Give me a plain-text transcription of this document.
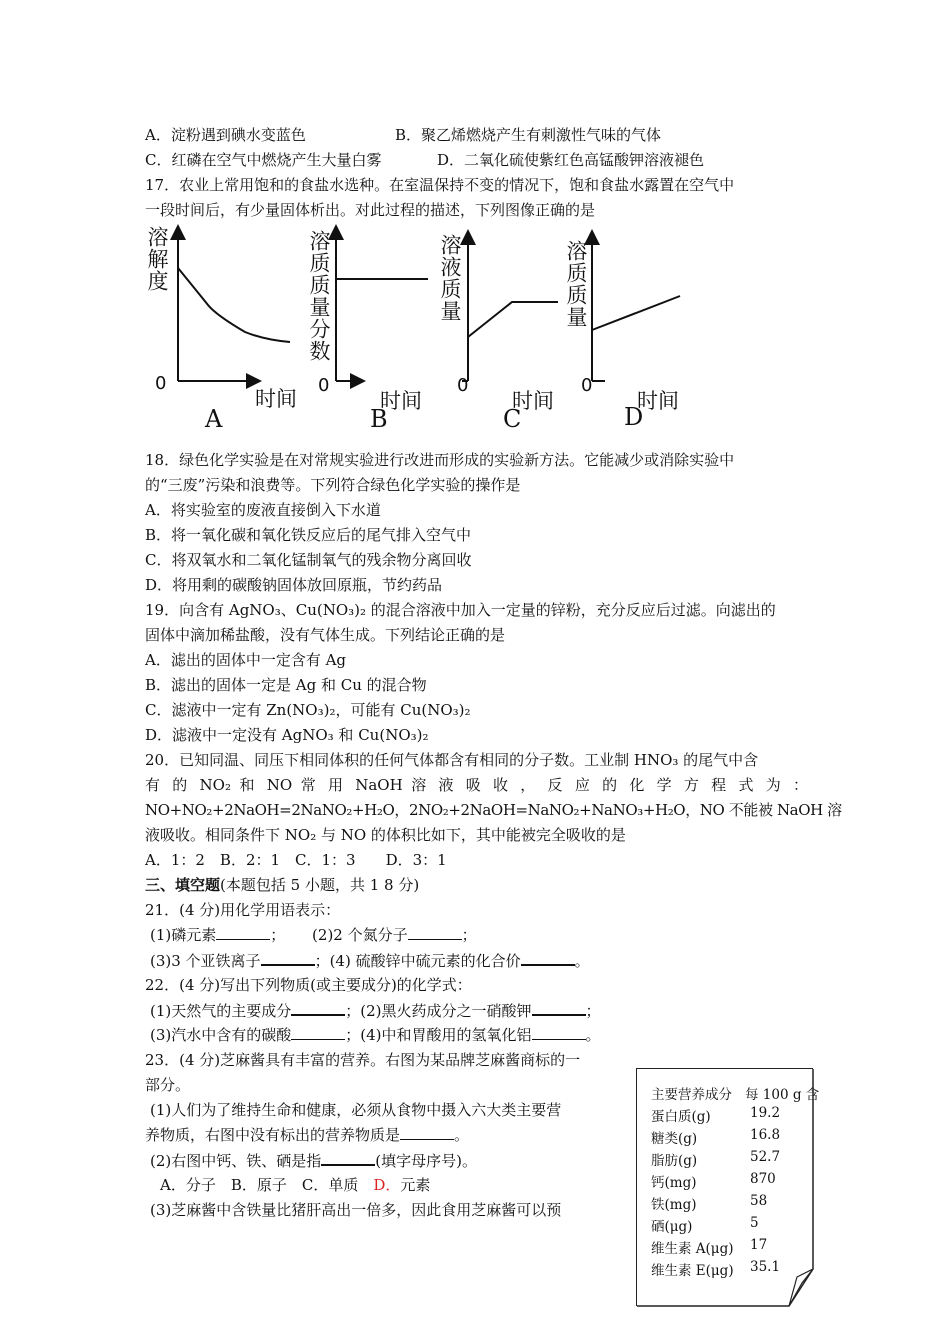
A．淀粉遇到碘水变蓝色	B．聚乙烯燃烧产生有刺激性气味的气体
C．红磷在空气中燃烧产生大量白雾	D．二氧化硫使紫红色高锰酸钾溶液褪色
17．农业上常用饱和的食盐水选种。在室温保持不变的情况下，饱和食盐水露置在空气中
一段时间后，有少量固体析出。对此过程的描述，下列图像正确的是
溶解度
0
时间
A
溶质质量分数
0
时间
B
溶液质量
0
时间
C
溶质质量
0
时间
D
18．绿色化学实验是在对常规实验进行改进而形成的实验新方法。它能减少或消除实验中
的“三废”污染和浪费等。下列符合绿色化学实验的操作是
A．将实验室的废液直接倒入下水道
B．将一氧化碳和氧化铁反应后的尾气排入空气中
C．将双氧水和二氧化锰制氧气的残余物分离回收
D．将用剩的碳酸钠固体放回原瓶，节约药品
19．向含有 AgNO₃、Cu(NO₃)₂ 的混合溶液中加入一定量的锌粉，充分反应后过滤。向滤出的
固体中滴加稀盐酸，没有气体生成。下列结论正确的是
A．滤出的固体中一定含有 Ag
B．滤出的固体一定是 Ag 和 Cu 的混合物
C．滤液中一定有 Zn(NO₃)₂，可能有 Cu(NO₃)₂
D．滤液中一定没有 AgNO₃ 和 Cu(NO₃)₂
20．已知同温、同压下相同体积的任何气体都含有相同的分子数。工业制 HNO₃ 的尾气中含
有 的 NO₂ 和 NO 常 用 NaOH 溶 液 吸 收 ， 反 应 的 化 学 方 程 式 为 ：
NO+NO₂+2NaOH=2NaNO₂+H₂O，2NO₂+2NaOH=NaNO₂+NaNO₃+H₂O，NO 不能被 NaOH 溶
液吸收。相同条件下 NO₂ 与 NO 的体积比如下，其中能被完全吸收的是
A．1：2　B．2：1　C．1：3　　D．3：1
三、填空题(本题包括 5 小题，共 1 8 分)
21．(4 分)用化学用语表示：
(1)磷元素	； (2)2 个氮分子	；
(3)3 个亚铁离子	；(4) 硫酸锌中硫元素的化合价	。
22．(4 分)写出下列物质(或主要成分)的化学式：
(1)天然气的主要成分	；(2)黑火药成分之一硝酸钾	；
(3)汽水中含有的碳酸	；(4)中和胃酸用的氢氧化铝	。
23．(4 分)芝麻酱具有丰富的营养。右图为某品牌芝麻酱商标的一
部分。
(1)人们为了维持生命和健康，必须从食物中摄入六大类主要营
养物质，右图中没有标出的营养物质是	。
(2)右图中钙、铁、硒是指	(填字母序号)。
A．分子　B．原子　C．单质　D．元素
(3)芝麻酱中含铁量比猪肝高出一倍多，因此食用芝麻酱可以预
主要营养成分 每 100 g 含
蛋白质(g)	19.2
糖类(g)	16.8
脂肪(g)	52.7
钙(mg)	870
铁(mg)	58
硒(μg)	5
维生素 A(μg) 17
维生素 E(μg) 35.1
